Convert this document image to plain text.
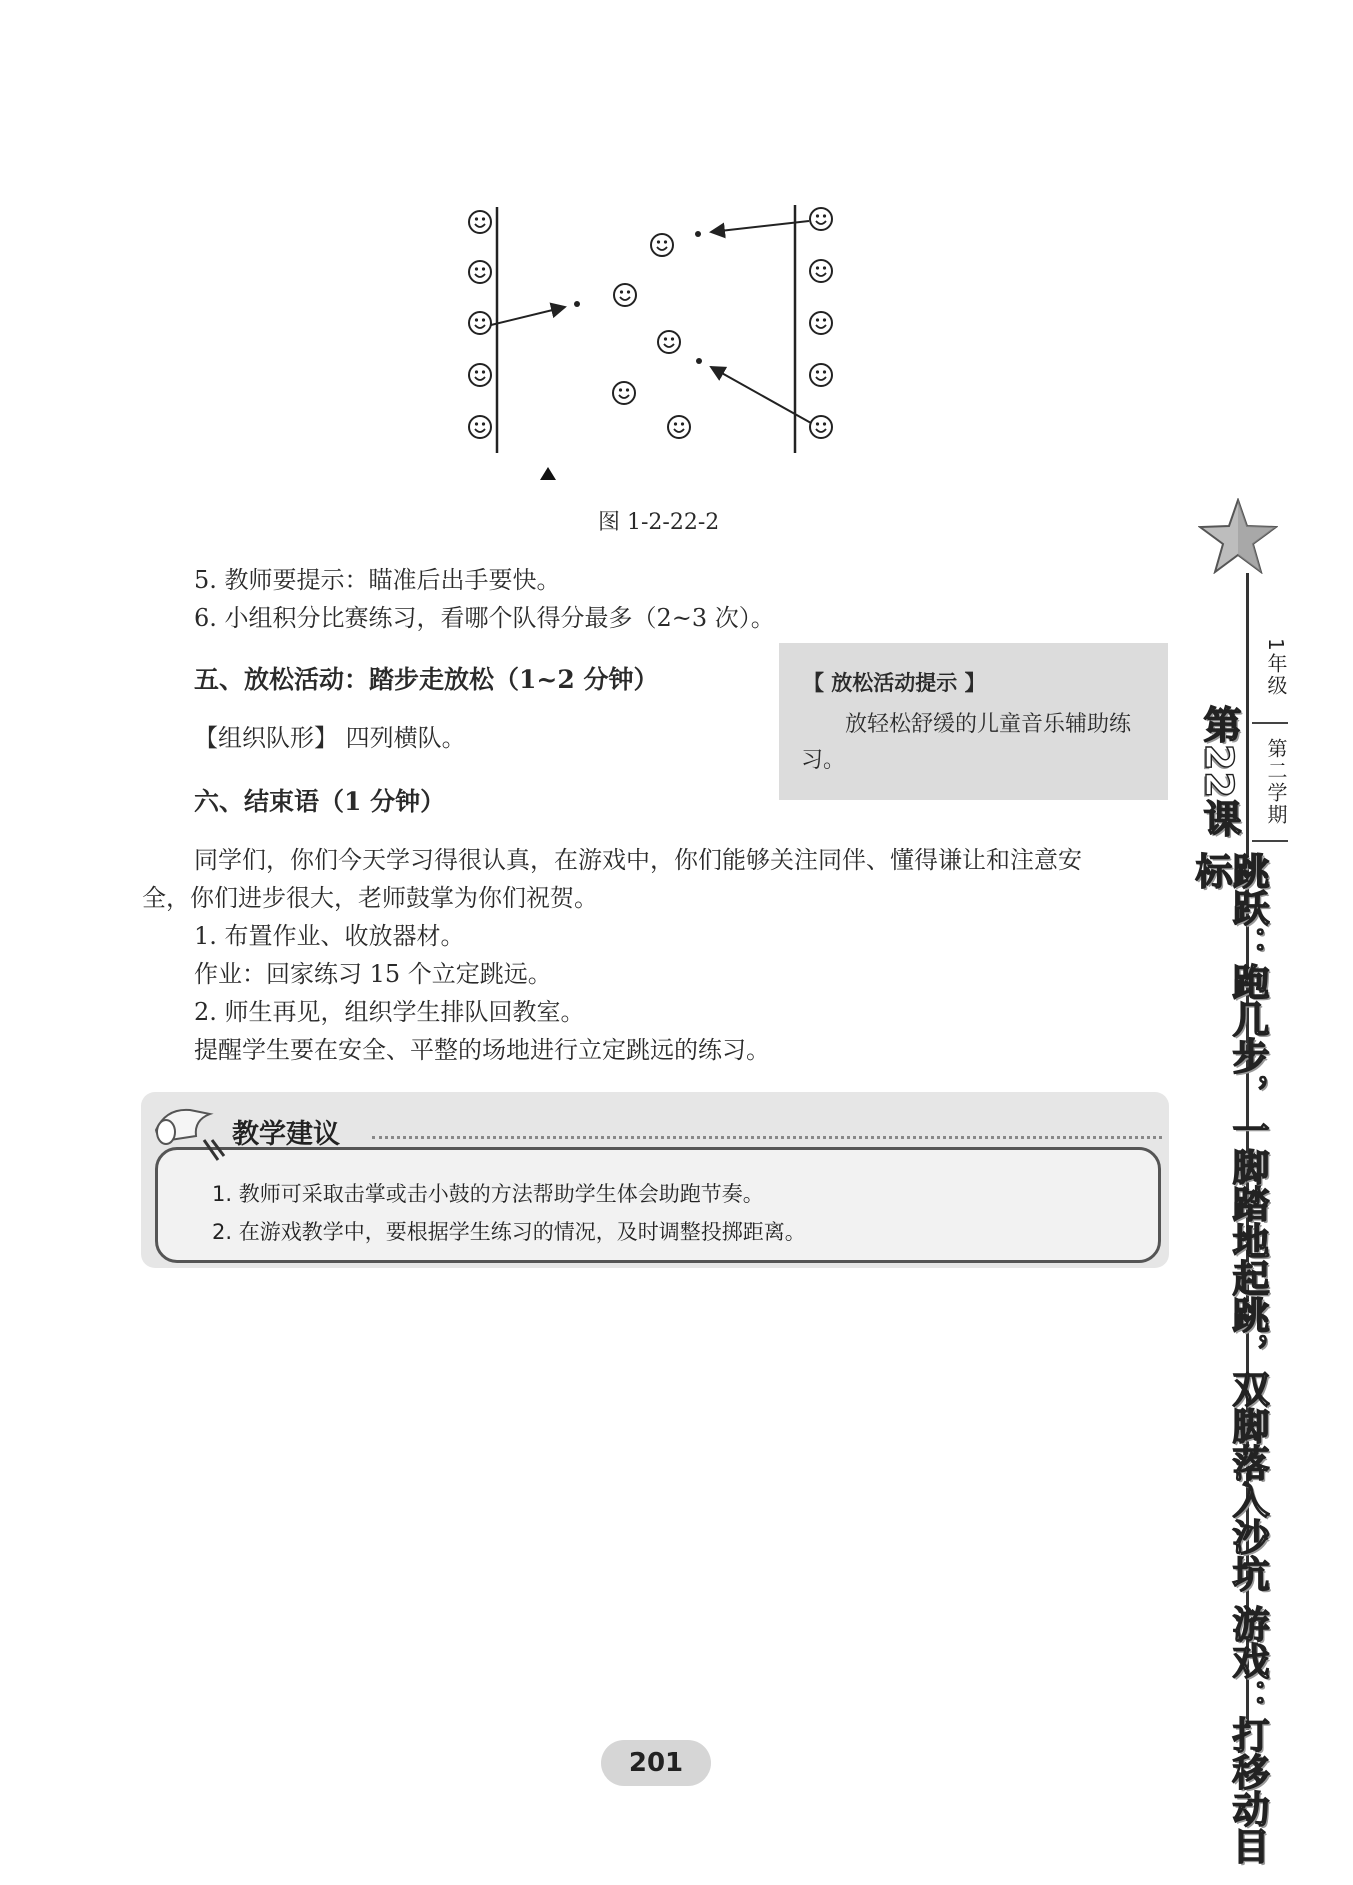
图 1-2-22-2
5. 教师要提示：瞄准后出手要快。
6. 小组积分比赛练习，看哪个队得分最多（2~3 次）。
五、放松活动：踏步走放松（1~2 分钟）
【组织队形】 四列横队。
【 放松活动提示 】
放轻松舒缓的儿童音乐辅助练习。
六、结束语（1 分钟）
同学们，你们今天学习得很认真，在游戏中，你们能够关注同伴、懂得谦让和注意安
全，你们进步很大，老师鼓掌为你们祝贺。
1. 布置作业、收放器材。
作业：回家练习 15 个立定跳远。
2. 师生再见，组织学生排队回教室。
提醒学生要在安全、平整的场地进行立定跳远的练习。
教学建议
1. 教师可采取击掌或击小鼓的方法帮助学生体会助跑节奏。
2. 在游戏教学中，要根据学生练习的情况，及时调整投掷距离。
1年级
第二学期
第22课
跳跃：跑几步，一脚踏地起跳，双脚落入沙坑 游戏：打移动目标
201
